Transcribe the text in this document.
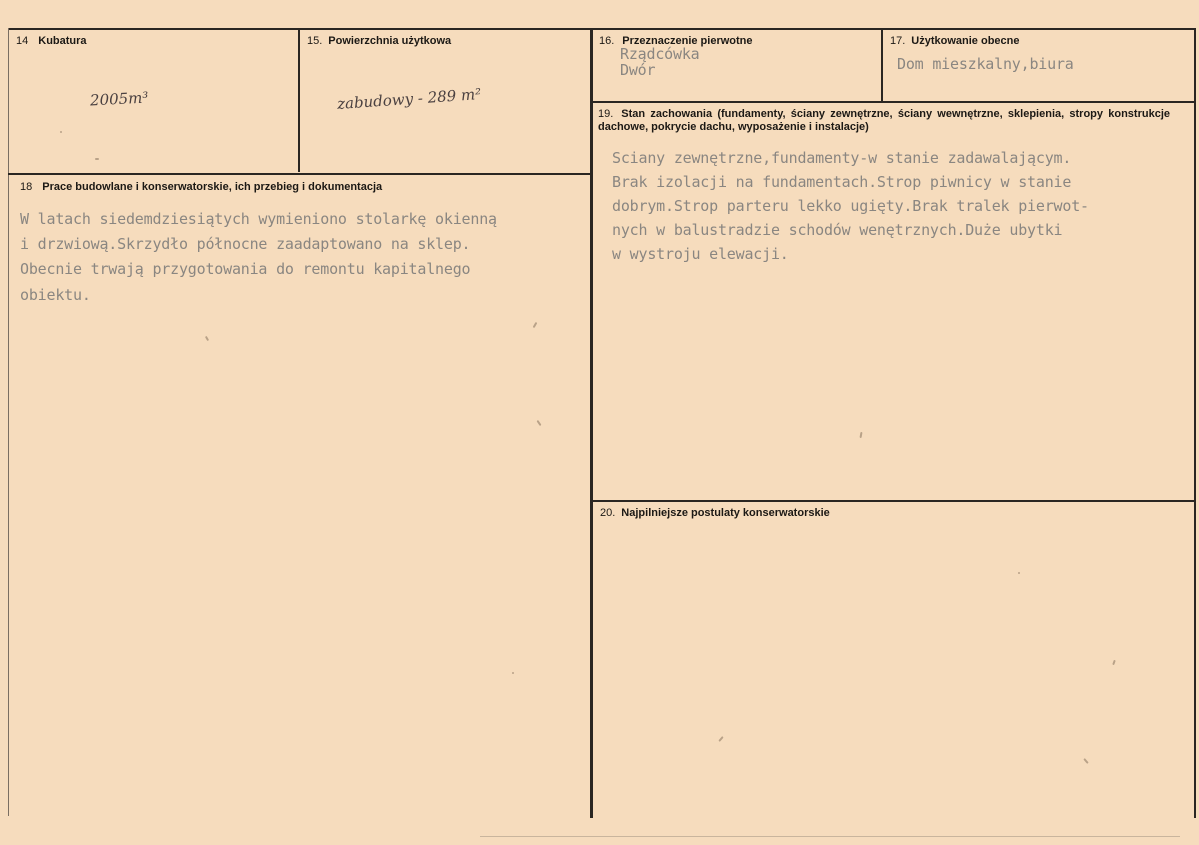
14 Kubatura
2005m³
15. Powierzchnia użytkowa
zabudowy - 289 m²
16. Przeznaczenie pierwotne
Rządcówka
Dwór
17. Użytkowanie obecne
Dom mieszkalny,biura
18 Prace budowlane i konserwatorskie, ich przebieg i dokumentacja
W latach siedemdziesiątych wymieniono stolarkę okienną
i drzwiową.Skrzydło północne zaadaptowano na sklep.
Obecnie trwają przygotowania do remontu kapitalnego
obiektu.
19. Stan zachowania (fundamenty, ściany zewnętrzne, ściany wewnętrzne, sklepienia, stropy konstrukcje dachowe, pokrycie dachu, wyposażenie i instalacje)
Sciany zewnętrzne,fundamenty-w stanie zadawalającym.
Brak izolacji na fundamentach.Strop piwnicy w stanie
dobrym.Strop parteru lekko ugięty.Brak tralek pierwot-
nych w balustradzie schodów wenętrznych.Duże ubytki
w wystroju elewacji.
20. Najpilniejsze postulaty konserwatorskie
